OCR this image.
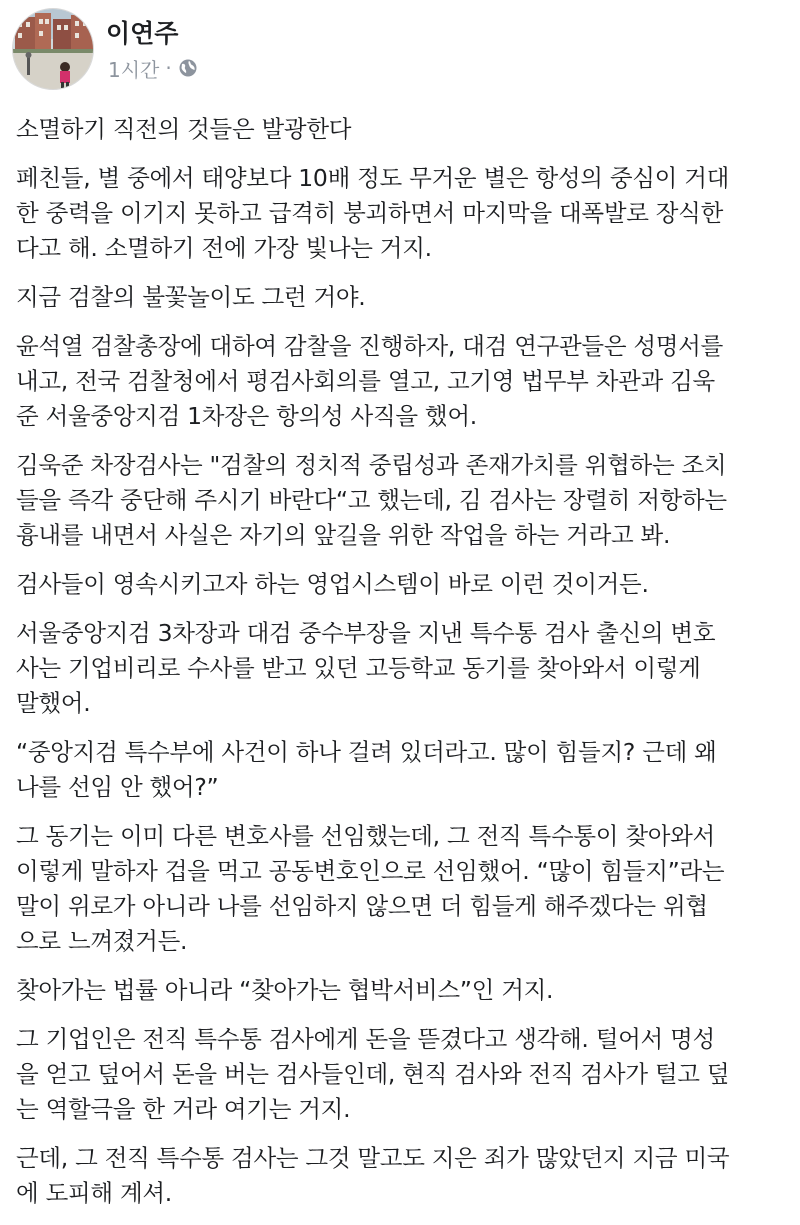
이연주
1시간 ·

소멸하기 직전의 것들은 발광한다

페친들, 별 중에서 태양보다 10배 정도 무거운 별은 항성의 중심이 거대
한 중력을 이기지 못하고 급격히 붕괴하면서 마지막을 대폭발로 장식한
다고 해. 소멸하기 전에 가장 빛나는 거지.

지금 검찰의 불꽃놀이도 그런 거야.

윤석열 검찰총장에 대하여 감찰을 진행하자, 대검 연구관들은 성명서를
내고, 전국 검찰청에서 평검사회의를 열고, 고기영 법무부 차관과 김욱
준 서울중앙지검 1차장은 항의성 사직을 했어.

김욱준 차장검사는 "검찰의 정치적 중립성과 존재가치를 위협하는 조치
들을 즉각 중단해 주시기 바란다“고 했는데, 김 검사는 장렬히 저항하는
흉내를 내면서 사실은 자기의 앞길을 위한 작업을 하는 거라고 봐.

검사들이 영속시키고자 하는 영업시스템이 바로 이런 것이거든.

서울중앙지검 3차장과 대검 중수부장을 지낸 특수통 검사 출신의 변호
사는 기업비리로 수사를 받고 있던 고등학교 동기를 찾아와서 이렇게
말했어.

“중앙지검 특수부에 사건이 하나 걸려 있더라고. 많이 힘들지? 근데 왜
나를 선임 안 했어?”

그 동기는 이미 다른 변호사를 선임했는데, 그 전직 특수통이 찾아와서
이렇게 말하자 겁을 먹고 공동변호인으로 선임했어. “많이 힘들지”라는
말이 위로가 아니라 나를 선임하지 않으면 더 힘들게 해주겠다는 위협
으로 느껴졌거든.

찾아가는 법률 아니라 “찾아가는 협박서비스”인 거지.

그 기업인은 전직 특수통 검사에게 돈을 뜯겼다고 생각해. 털어서 명성
을 얻고 덮어서 돈을 버는 검사들인데, 현직 검사와 전직 검사가 털고 덮
는 역할극을 한 거라 여기는 거지.

근데, 그 전직 특수통 검사는 그것 말고도 지은 죄가 많았던지 지금 미국
에 도피해 계셔.
